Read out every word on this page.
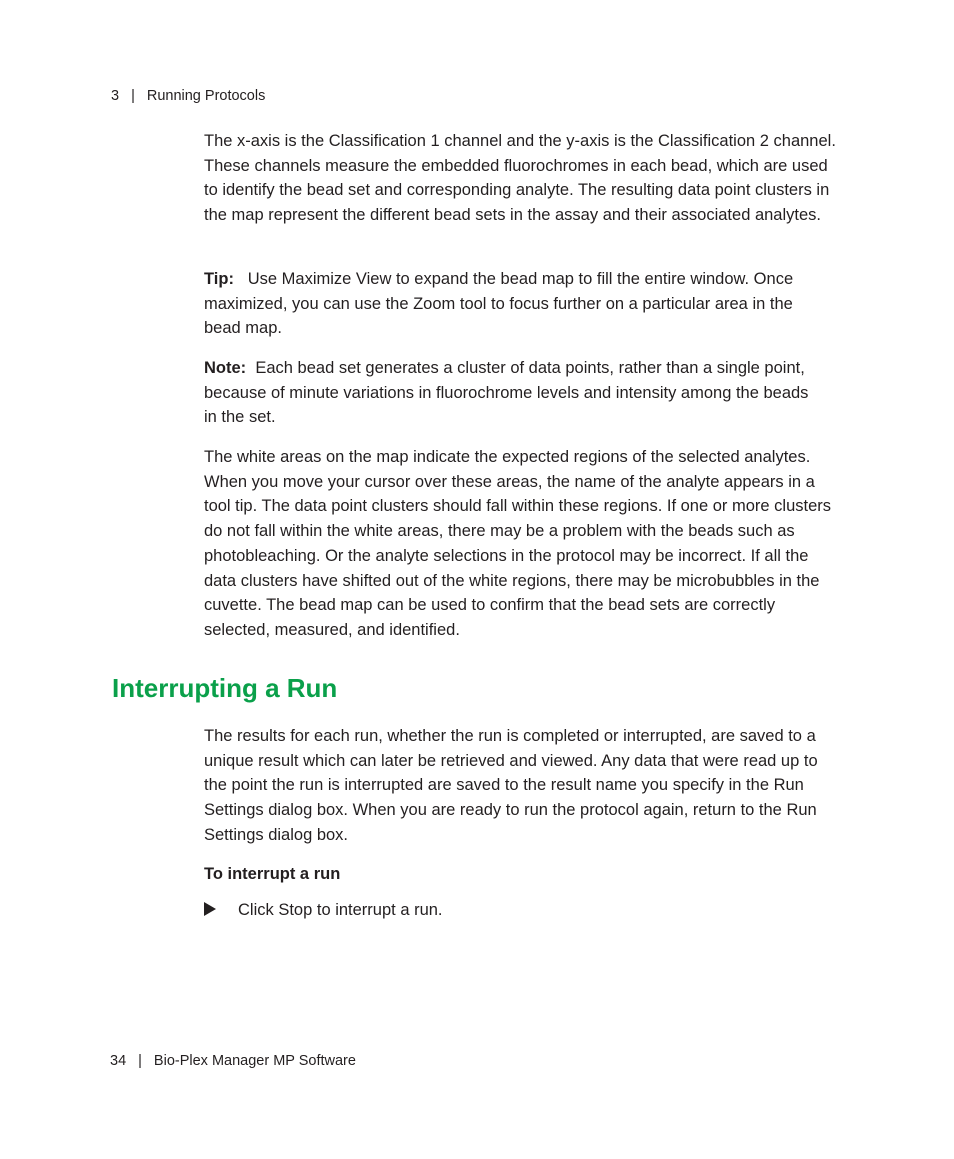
3 | Running Protocols

The x-axis is the Classification 1 channel and the y-axis is the Classification 2 channel. These channels measure the embedded fluorochromes in each bead, which are used to identify the bead set and corresponding analyte. The resulting data point clusters in the map represent the different bead sets in the assay and their associated analytes.

Tip: Use Maximize View to expand the bead map to fill the entire window. Once maximized, you can use the Zoom tool to focus further on a particular area in the bead map.

Note: Each bead set generates a cluster of data points, rather than a single point, because of minute variations in fluorochrome levels and intensity among the beads in the set.

The white areas on the map indicate the expected regions of the selected analytes. When you move your cursor over these areas, the name of the analyte appears in a tool tip. The data point clusters should fall within these regions. If one or more clusters do not fall within the white areas, there may be a problem with the beads such as photobleaching. Or the analyte selections in the protocol may be incorrect. If all the data clusters have shifted out of the white regions, there may be microbubbles in the cuvette. The bead map can be used to confirm that the bead sets are correctly selected, measured, and identified.

Interrupting a Run

The results for each run, whether the run is completed or interrupted, are saved to a unique result which can later be retrieved and viewed. Any data that were read up to the point the run is interrupted are saved to the result name you specify in the Run Settings dialog box. When you are ready to run the protocol again, return to the Run Settings dialog box.

To interrupt a run
Click Stop to interrupt a run.
34 | Bio-Plex Manager MP Software
